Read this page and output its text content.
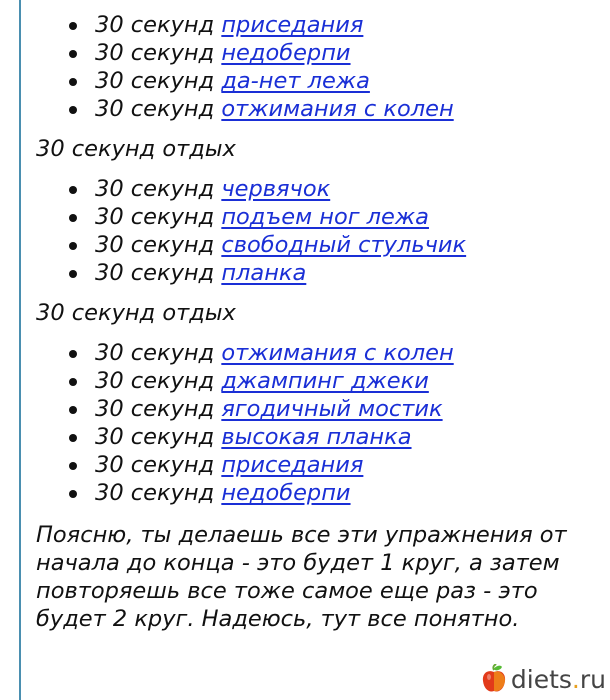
30 секунд приседания
30 секунд недоберпи
30 секунд да-нет лежа
30 секунд отжимания с колен
30 секунд отдых
30 секунд червячок
30 секунд подъем ног лежа
30 секунд свободный стульчик
30 секунд планка
30 секунд отдых
30 секунд отжимания с колен
30 секунд джампинг джеки
30 секунд ягодичный мостик
30 секунд высокая планка
30 секунд приседания
30 секунд недоберпи
Поясню, ты делаешь все эти упражнения от начала до конца - это будет 1 круг, а затем повторяешь все тоже самое еще раз - это будет 2 круг. Надеюсь, тут все понятно.
diets.ru
